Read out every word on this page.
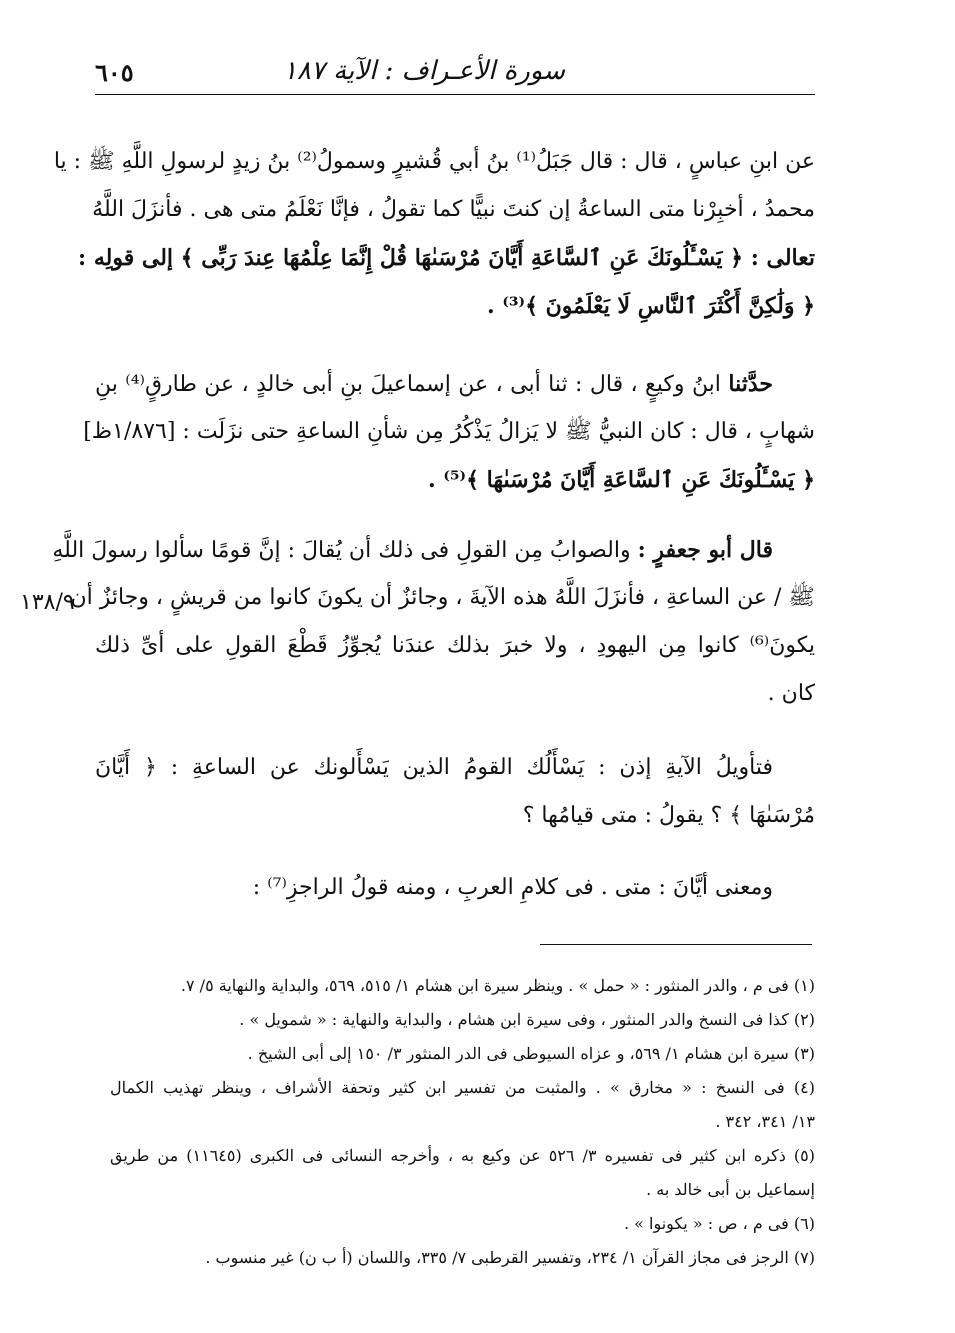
٦٠٥	سورة الأعـراف : الآية ١٨٧
عن ابنِ عباسٍ ، قال : قال جَبَلُ⁽¹⁾ بنُ أبي قُشيرٍ وسمولُ⁽²⁾ بنُ زيدٍ لرسولِ اللَّهِ ﷺ : يا
محمدُ ، أخبِرْنا متى الساعةُ إن كنتَ نبيًّا كما تقولُ ، فإنَّا نَعْلَمُ متى هى . فأنزَلَ اللَّهُ
تعالى : ﴿ يَسْـَٔلُونَكَ عَنِ ٱلسَّاعَةِ أَيَّانَ مُرْسَىٰهَا قُلْ إِنَّمَا عِلْمُهَا عِندَ رَبِّى ﴾ إلى قولِه :
﴿ وَلَٰكِنَّ أَكْثَرَ ٱلنَّاسِ لَا يَعْلَمُونَ ﴾⁽³⁾ .
حدَّثنا ابنُ وكيعٍ ، قال : ثنا أبى ، عن إسماعيلَ بنِ أبى خالدٍ ، عن طارقٍ⁽⁴⁾ بنِ
شهابٍ ، قال : كان النبيُّ ﷺ لا يَزالُ يَذْكُرُ مِن شأنِ الساعةِ حتى نزَلَت : [١/٨٧٦ظ]
﴿ يَسْـَٔلُونَكَ عَنِ ٱلسَّاعَةِ أَيَّانَ مُرْسَىٰهَا ﴾⁽⁵⁾ .
قال أبو جعفرٍ : والصوابُ مِن القولِ فى ذلك أن يُقالَ : إنَّ قومًا سألوا رسولَ اللَّهِ
ﷺ / عن الساعةِ ، فأنزَلَ اللَّهُ هذه الآيةَ ، وجائزٌ أن يكونَ كانوا من قريشٍ ، وجائزٌ أن
يكونَ⁽⁶⁾ كانوا مِن اليهودِ ، ولا خبرَ بذلك عندَنا يُجوِّزُ قَطْعَ القولِ على أىِّ ذلك
كان .
١٣٨/٩
فتأويلُ الآيةِ إذن : يَسْأَلُك القومُ الذين يَسْأَلونك عن الساعةِ : ﴿ أَيَّانَ
مُرْسَىٰهَا ﴾ ؟ يقولُ : متى قيامُها ؟
ومعنى أيَّانَ : متى . فى كلامِ العربِ ، ومنه قولُ الراجزِ⁽⁷⁾ :
(١) فى م ، والدر المنثور : « حمل » . وينظر سيرة ابن هشام ١/ ٥١٥، ٥٦٩، والبداية والنهاية ٥/ ٧.
(٢) كذا فى النسخ والدر المنثور ، وفى سيرة ابن هشام ، والبداية والنهاية : « شمويل » .
(٣) سيرة ابن هشام ١/ ٥٦٩، و عزاه السيوطى فى الدر المنثور ٣/ ١٥٠ إلى أبى الشيخ .
(٤) فى النسخ : « مخارق » . والمثبت من تفسير ابن كثير وتحفة الأشراف ، وينظر تهذيب الكمال
١٣/ ٣٤١، ٣٤٢ .
(٥) ذكره ابن كثير فى تفسيره ٣/ ٥٢٦ عن وكيع به ، وأخرجه النسائى فى الكبرى (١١٦٤٥) من طريق
إسماعيل بن أبى خالد به .
(٦) فى م ، ص : « يكونوا » .
(٧) الرجز فى مجاز القرآن ١/ ٢٣٤، وتفسير القرطبى ٧/ ٣٣٥، واللسان (أ ب ن) غير منسوب .
